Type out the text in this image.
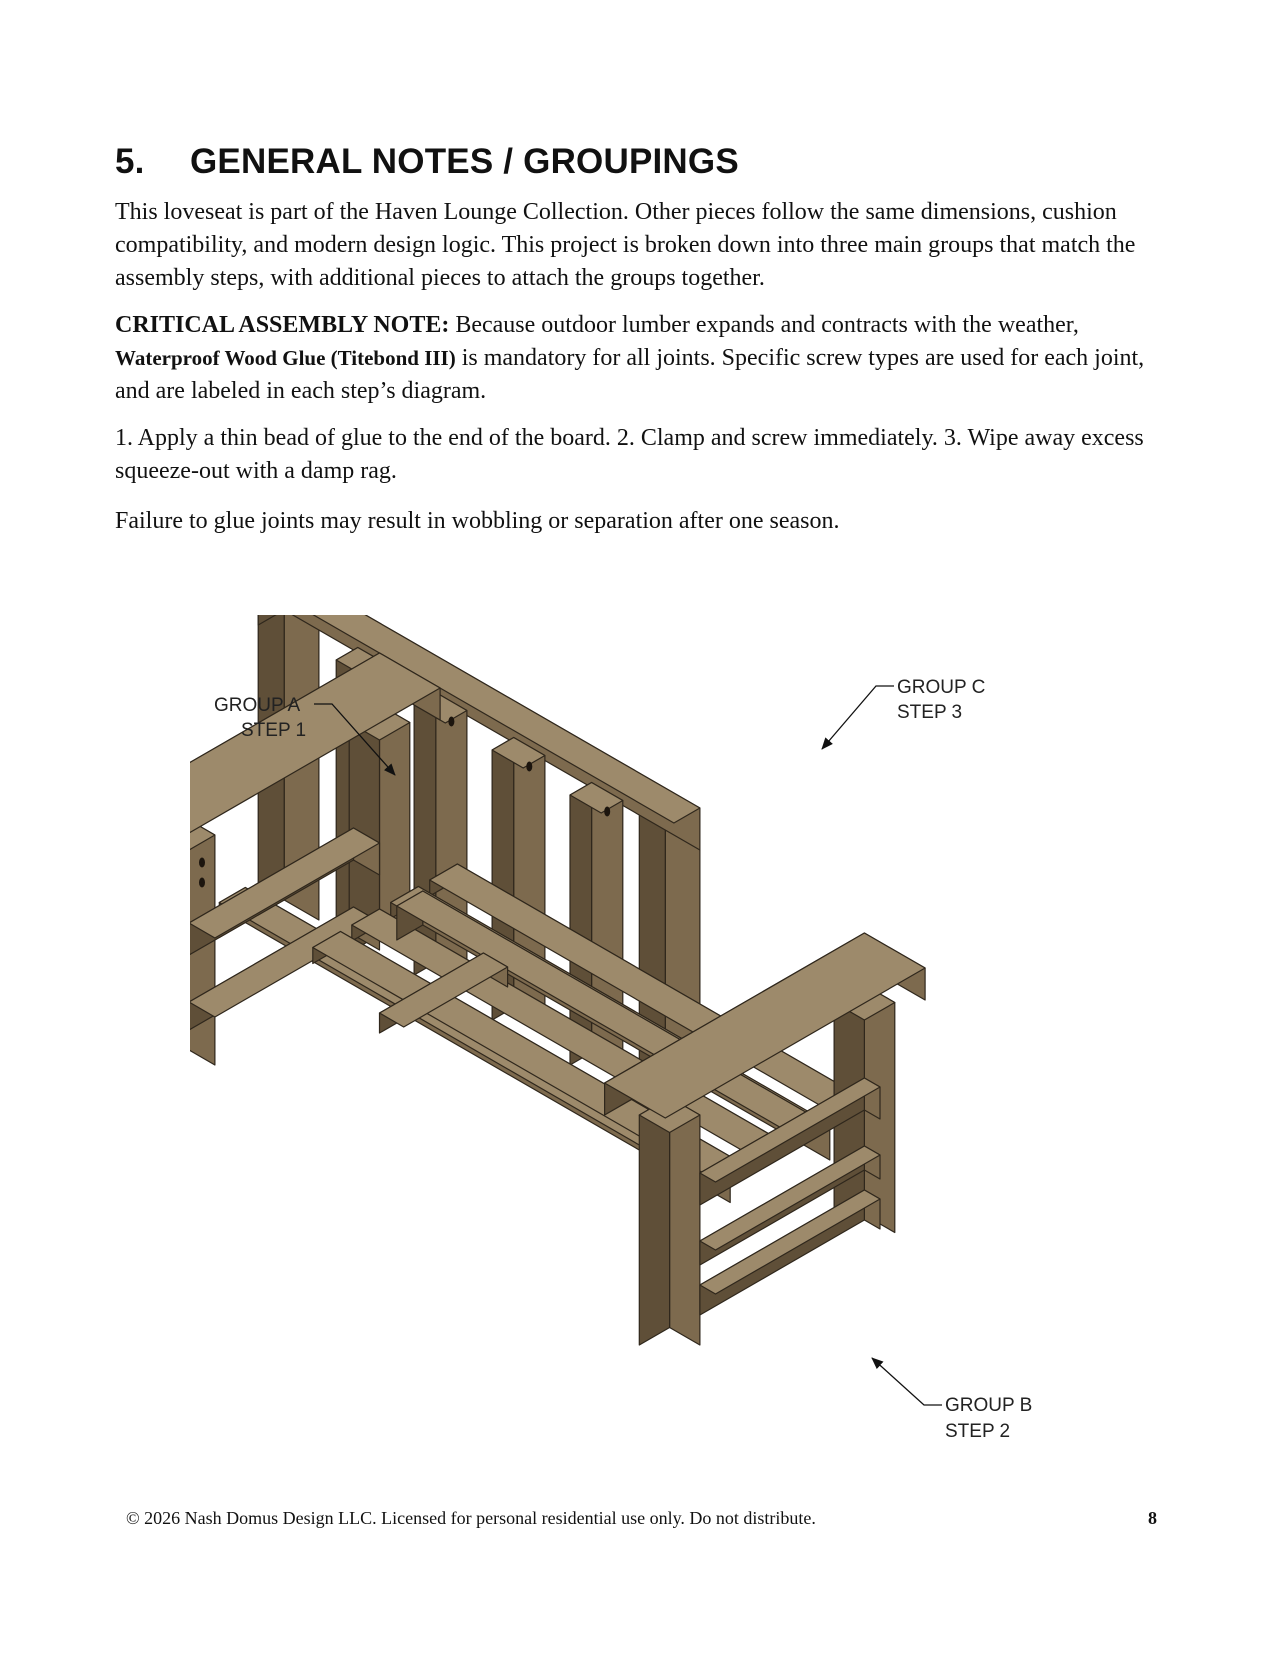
5. GENERAL NOTES / GROUPINGS

This loveseat is part of the Haven Lounge Collection. Other pieces follow the same dimensions, cushion compatibility, and modern design logic. This project is broken down into three main groups that match the assembly steps, with additional pieces to attach the groups together.

CRITICAL ASSEMBLY NOTE: Because outdoor lumber expands and contracts with the weather, Waterproof Wood Glue (Titebond III) is mandatory for all joints. Specific screw types are used for each joint, and are labeled in each step’s diagram.

1. Apply a thin bead of glue to the end of the board. 2. Clamp and screw immediately. 3. Wipe away excess squeeze-out with a damp rag.

Failure to glue joints may result in wobbling or separation after one season.

GROUP A
STEP 1
GROUP C
STEP 3
GROUP B
STEP 2
© 2026 Nash Domus Design LLC. Licensed for personal residential use only. Do not distribute.	8
